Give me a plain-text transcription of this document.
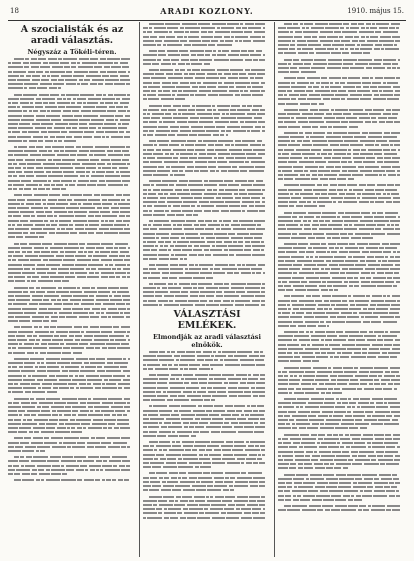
18	ARADI KOZLONY.	1910. május 15.
A szocialisták és az aradi választás.
Négyszáz a Tökéli-téren.

VÁLASZTÁSI EMLÉKEK.
Elmondják az aradi választási elnökök.
